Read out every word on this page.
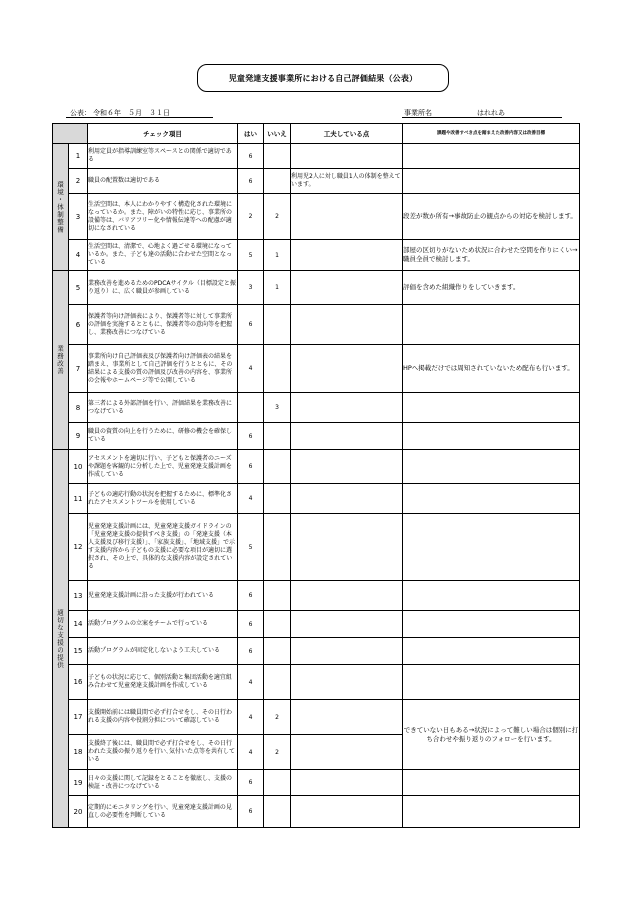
児童発達支援事業所における自己評価結果（公表）
公表： 令和６年　５月　３１日	事業所名	はれれあ
		チェック項目	はい	いいえ	工夫している点	課題や改善すべき点を踏まえた改善内容又は改善目標
環境・体制整備	1	利用定員が指導訓練室等スペースとの関係で適切である	6			
	2	職員の配置数は適切である	6		利用児2人に対し職員1人の体制を整えています。	
	3	生活空間は、本人にわかりやすく構造化された環境になっているか。また、障がいの特性に応じ、事業所の設備等は、バリアフリー化や情報伝達等への配慮が適切になされている	2	2		段差が数か所有→事故防止の観点からの対応を検討します。
	4	生活空間は、清潔で、心地よく過ごせる環境になっているか。また、子ども達の活動に合わせた空間となっている	5	1		部屋の区切りがないため状況に合わせた空間を作りにくい→職員全員で検討します。
業務改善	5	業務改善を進めるためのPDCAサイクル（目標設定と振り返り）に、広く職員が参画している	3	1		評価を含めた組織作りをしていきます。
	6	保護者等向け評価表により、保護者等に対して事業所の評価を実施するとともに、保護者等の意向等を把握し、業務改善につなげている	6			
	7	事業所向け自己評価表及び保護者向け評価表の結果を踏まえ、事業所として自己評価を行うとともに、その結果による支援の質の評価及び改善の内容を、事業所の会報やホームページ等で公開している	4			HPへ掲載だけでは周知されていないため配布も行います。
	8	第三者による外部評価を行い、評価結果を業務改善につなげている		3		
	9	職員の資質の向上を行うために、研修の機会を確保している	6			
適切な支援の提供	10	アセスメントを適切に行い、子どもと保護者のニーズや課題を客観的に分析した上で、児童発達支援計画を作成している	6			
	11	子どもの適応行動の状況を把握するために、標準化されたアセスメントツールを使用している	4			
	12	児童発達支援計画には、児童発達支援ガイドラインの「児童発達支援の提供すべき支援」の「発達支援（本人支援及び移行支援）」、「家族支援」、「地域支援」で示す支援内容から子どもの支援に必要な項目が適切に選択され、その上で、具体的な支援内容が設定されている	5			
	13	児童発達支援計画に沿った支援が行われている	6			
	14	活動プログラムの立案をチームで行っている	6			
	15	活動プログラムが固定化しないよう工夫している	6			
	16	子どもの状況に応じて、個別活動と集団活動を適宜組み合わせて児童発達支援計画を作成している	4			
	17	支援開始前には職員間で必ず打合せをし、その日行われる支援の内容や役割分担について確認している	4	2		できていない日もある→状況によって難しい場合は個別に打ち合わせや振り返りのフォローを行います。
	18	支援終了後には、職員間で必ず打合せをし、その日行われた支援の振り返りを行い､気付いた点等を共有している	4	2		
	19	日々の支援に関して記録をとることを徹底し、支援の検証・改善につなげている	6			
	20	定期的にモニタリングを行い、児童発達支援計画の見直しの必要性を判断している	6			
